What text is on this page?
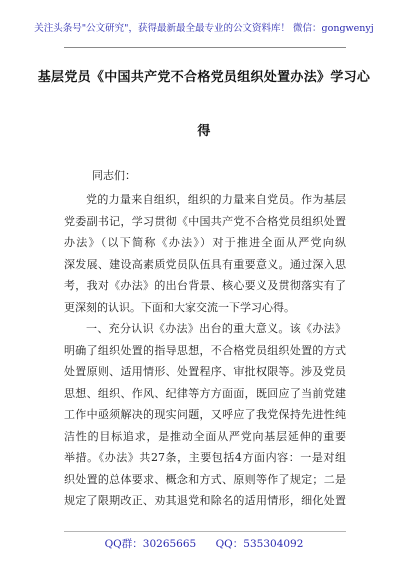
关注头条号"公文研究"，获得最新最全最专业的公文资料库！ 微信：gongwenyj
基层党员《中国共产党不合格党员组织处置办法》学习心
得
同志们：
党的力量来自组织，组织的力量来自党员。作为基层
党委副书记，学习贯彻《中国共产党不合格党员组织处置
办法》（以下简称《办法》）对于推进全面从严党向纵
深发展、建设高素质党员队伍具有重要意义。通过深入思
考，我对《办法》的出台背景、核心要义及贯彻落实有了
更深刻的认识。下面和大家交流一下学习心得。
一、充分认识《办法》出台的重大意义。该《办法》
明确了组织处置的指导思想，不合格党员组织处置的方式
处置原则、适用情形、处置程序、审批权限等。涉及党员
思想、组织、作风、纪律等方方面面，既回应了当前党建
工作中亟须解决的现实问题，又呼应了我党保持先进性纯
洁性的目标追求，是推动全面从严党向基层延伸的重要
举措。《办法》共27条，主要包括4方面内容：一是对组
织处置的总体要求、概念和方式、原则等作了规定；二是
规定了限期改正、劝其退党和除名的适用情形，细化处置
QQ群：30265665 QQ：535304092
